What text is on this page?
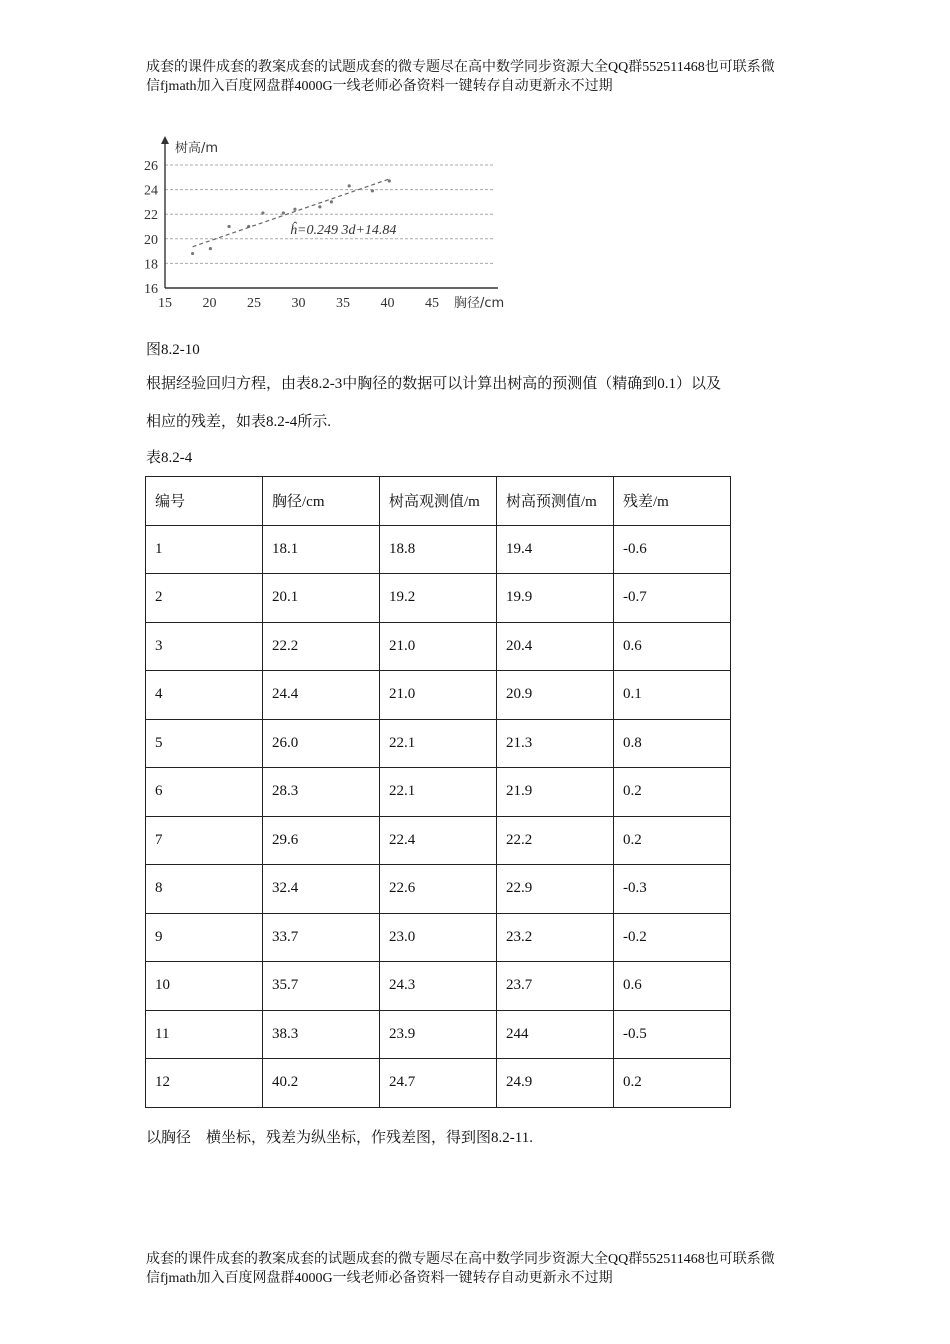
成套的课件成套的教案成套的试题成套的微专题尽在高中数学同步资源大全QQ群552511468也可联系微
信fjmath加入百度网盘群4000G一线老师必备资料一键转存自动更新永不过期
16
18
20
22
24
26
15 20 25 30 35 40 45
树高/m
胸径/cm
ĥ=0.249 3d+14.84
图8.2-10
根据经验回归方程，由表8.2-3中胸径的数据可以计算出树高的预测值（精确到0.1）以及
相应的残差，如表8.2-4所示.
表8.2-4
编号	胸径/cm	树高观测值/m	树高预测值/m	残差/m
1	18.1	18.8	19.4	-0.6
2	20.1	19.2	19.9	-0.7
3	22.2	21.0	20.4	0.6
4	24.4	21.0	20.9	0.1
5	26.0	22.1	21.3	0.8
6	28.3	22.1	21.9	0.2
7	29.6	22.4	22.2	0.2
8	32.4	22.6	22.9	-0.3
9	33.7	23.0	23.2	-0.2
10	35.7	24.3	23.7	0.6
11	38.3	23.9	244	-0.5
12	40.2	24.7	24.9	0.2
以胸径    横坐标，残差为纵坐标，作残差图，得到图8.2-11.
成套的课件成套的教案成套的试题成套的微专题尽在高中数学同步资源大全QQ群552511468也可联系微
信fjmath加入百度网盘群4000G一线老师必备资料一键转存自动更新永不过期
